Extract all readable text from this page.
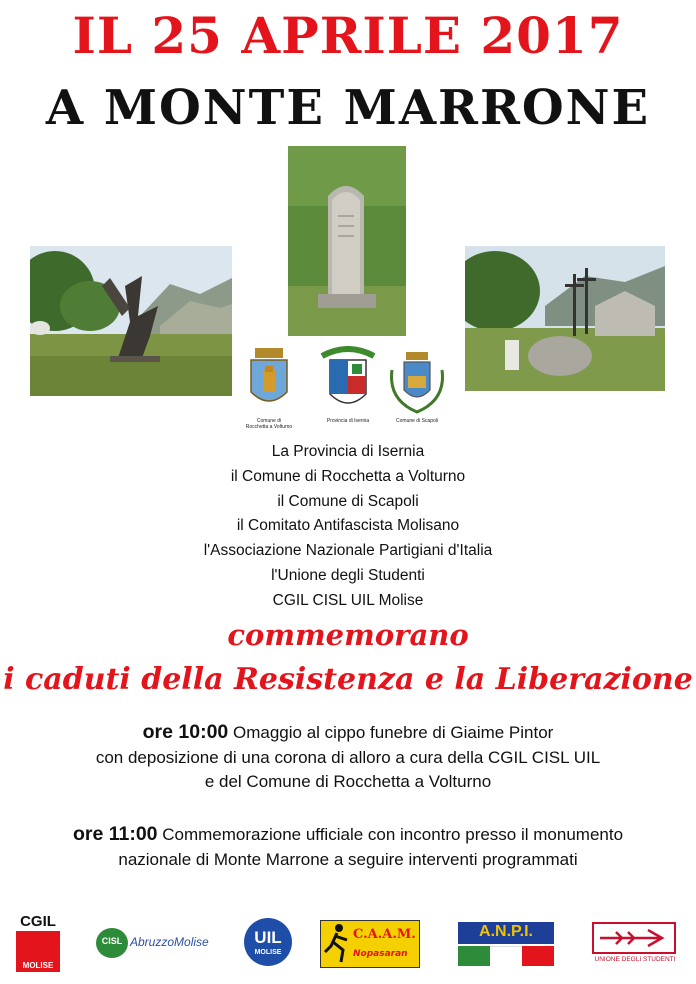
IL 25 APRILE 2017
A MONTE MARRONE
Comune di Rocchetta a Volturno
Provincia di Isernia	Comune di Scapoli
La Provincia di Isernia
il Comune di Rocchetta a Volturno
il Comune di Scapoli
il Comitato Antifascista Molisano
l'Associazione Nazionale Partigiani d'Italia
l'Unione degli Studenti
CGIL CISL UIL Molise
commemorano
i caduti della Resistenza e la Liberazione
ore 10:00 Omaggio al cippo funebre di Giaime Pintor
con deposizione di una corona di alloro a cura della CGIL CISL UIL
e del Comune di Rocchetta a Volturno
ore 11:00 Commemorazione ufficiale con incontro presso il monumento
nazionale di Monte Marrone a seguire interventi programmati
CGIL
MOLISE
CISL AbruzzoMolise	UIL
MOLISE
C.A.A.M.
Nopasaran
A.N.P.I.
UNIONE DEGLI STUDENTI
